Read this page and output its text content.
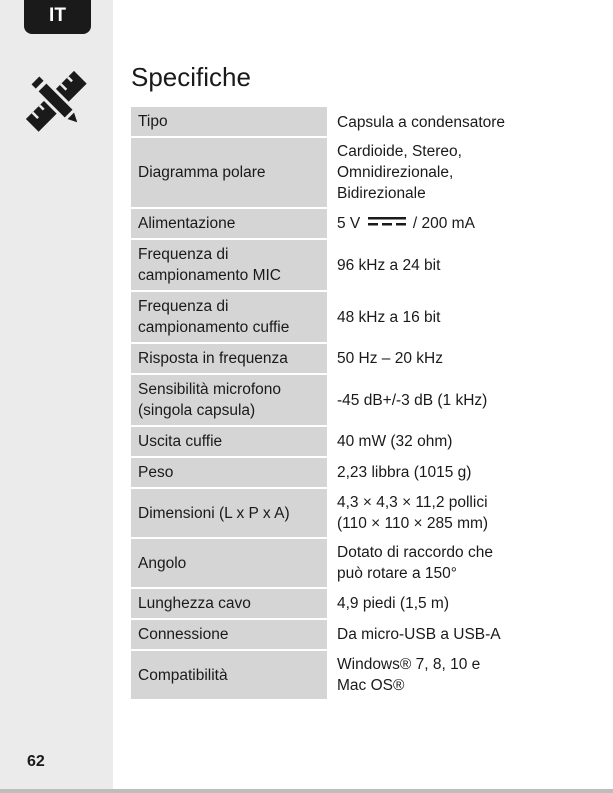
IT
62
Specifiche
Tipo	Capsula a condensatore
Diagramma polare	Cardioide, Stereo,
Omnidirezionale,
Bidirezionale
Alimentazione	5 V / 200 mA
Frequenza di
campionamento MIC	96 kHz a 24 bit
Frequenza di
campionamento cuffie	48 kHz a 16 bit
Risposta in frequenza	50 Hz – 20 kHz
Sensibilità microfono
(singola capsula)	-45 dB+/-3 dB (1 kHz)
Uscita cuffie	40 mW (32 ohm)
Peso	2,23 libbra (1015 g)
Dimensioni (L x P x A)	4,3 × 4,3 × 11,2 pollici
(110 × 110 × 285 mm)
Angolo	Dotato di raccordo che
può rotare a 150°
Lunghezza cavo	4,9 piedi (1,5 m)
Connessione	Da micro-USB a USB-A
Compatibilità	Windows® 7, 8, 10 e
Mac OS®
